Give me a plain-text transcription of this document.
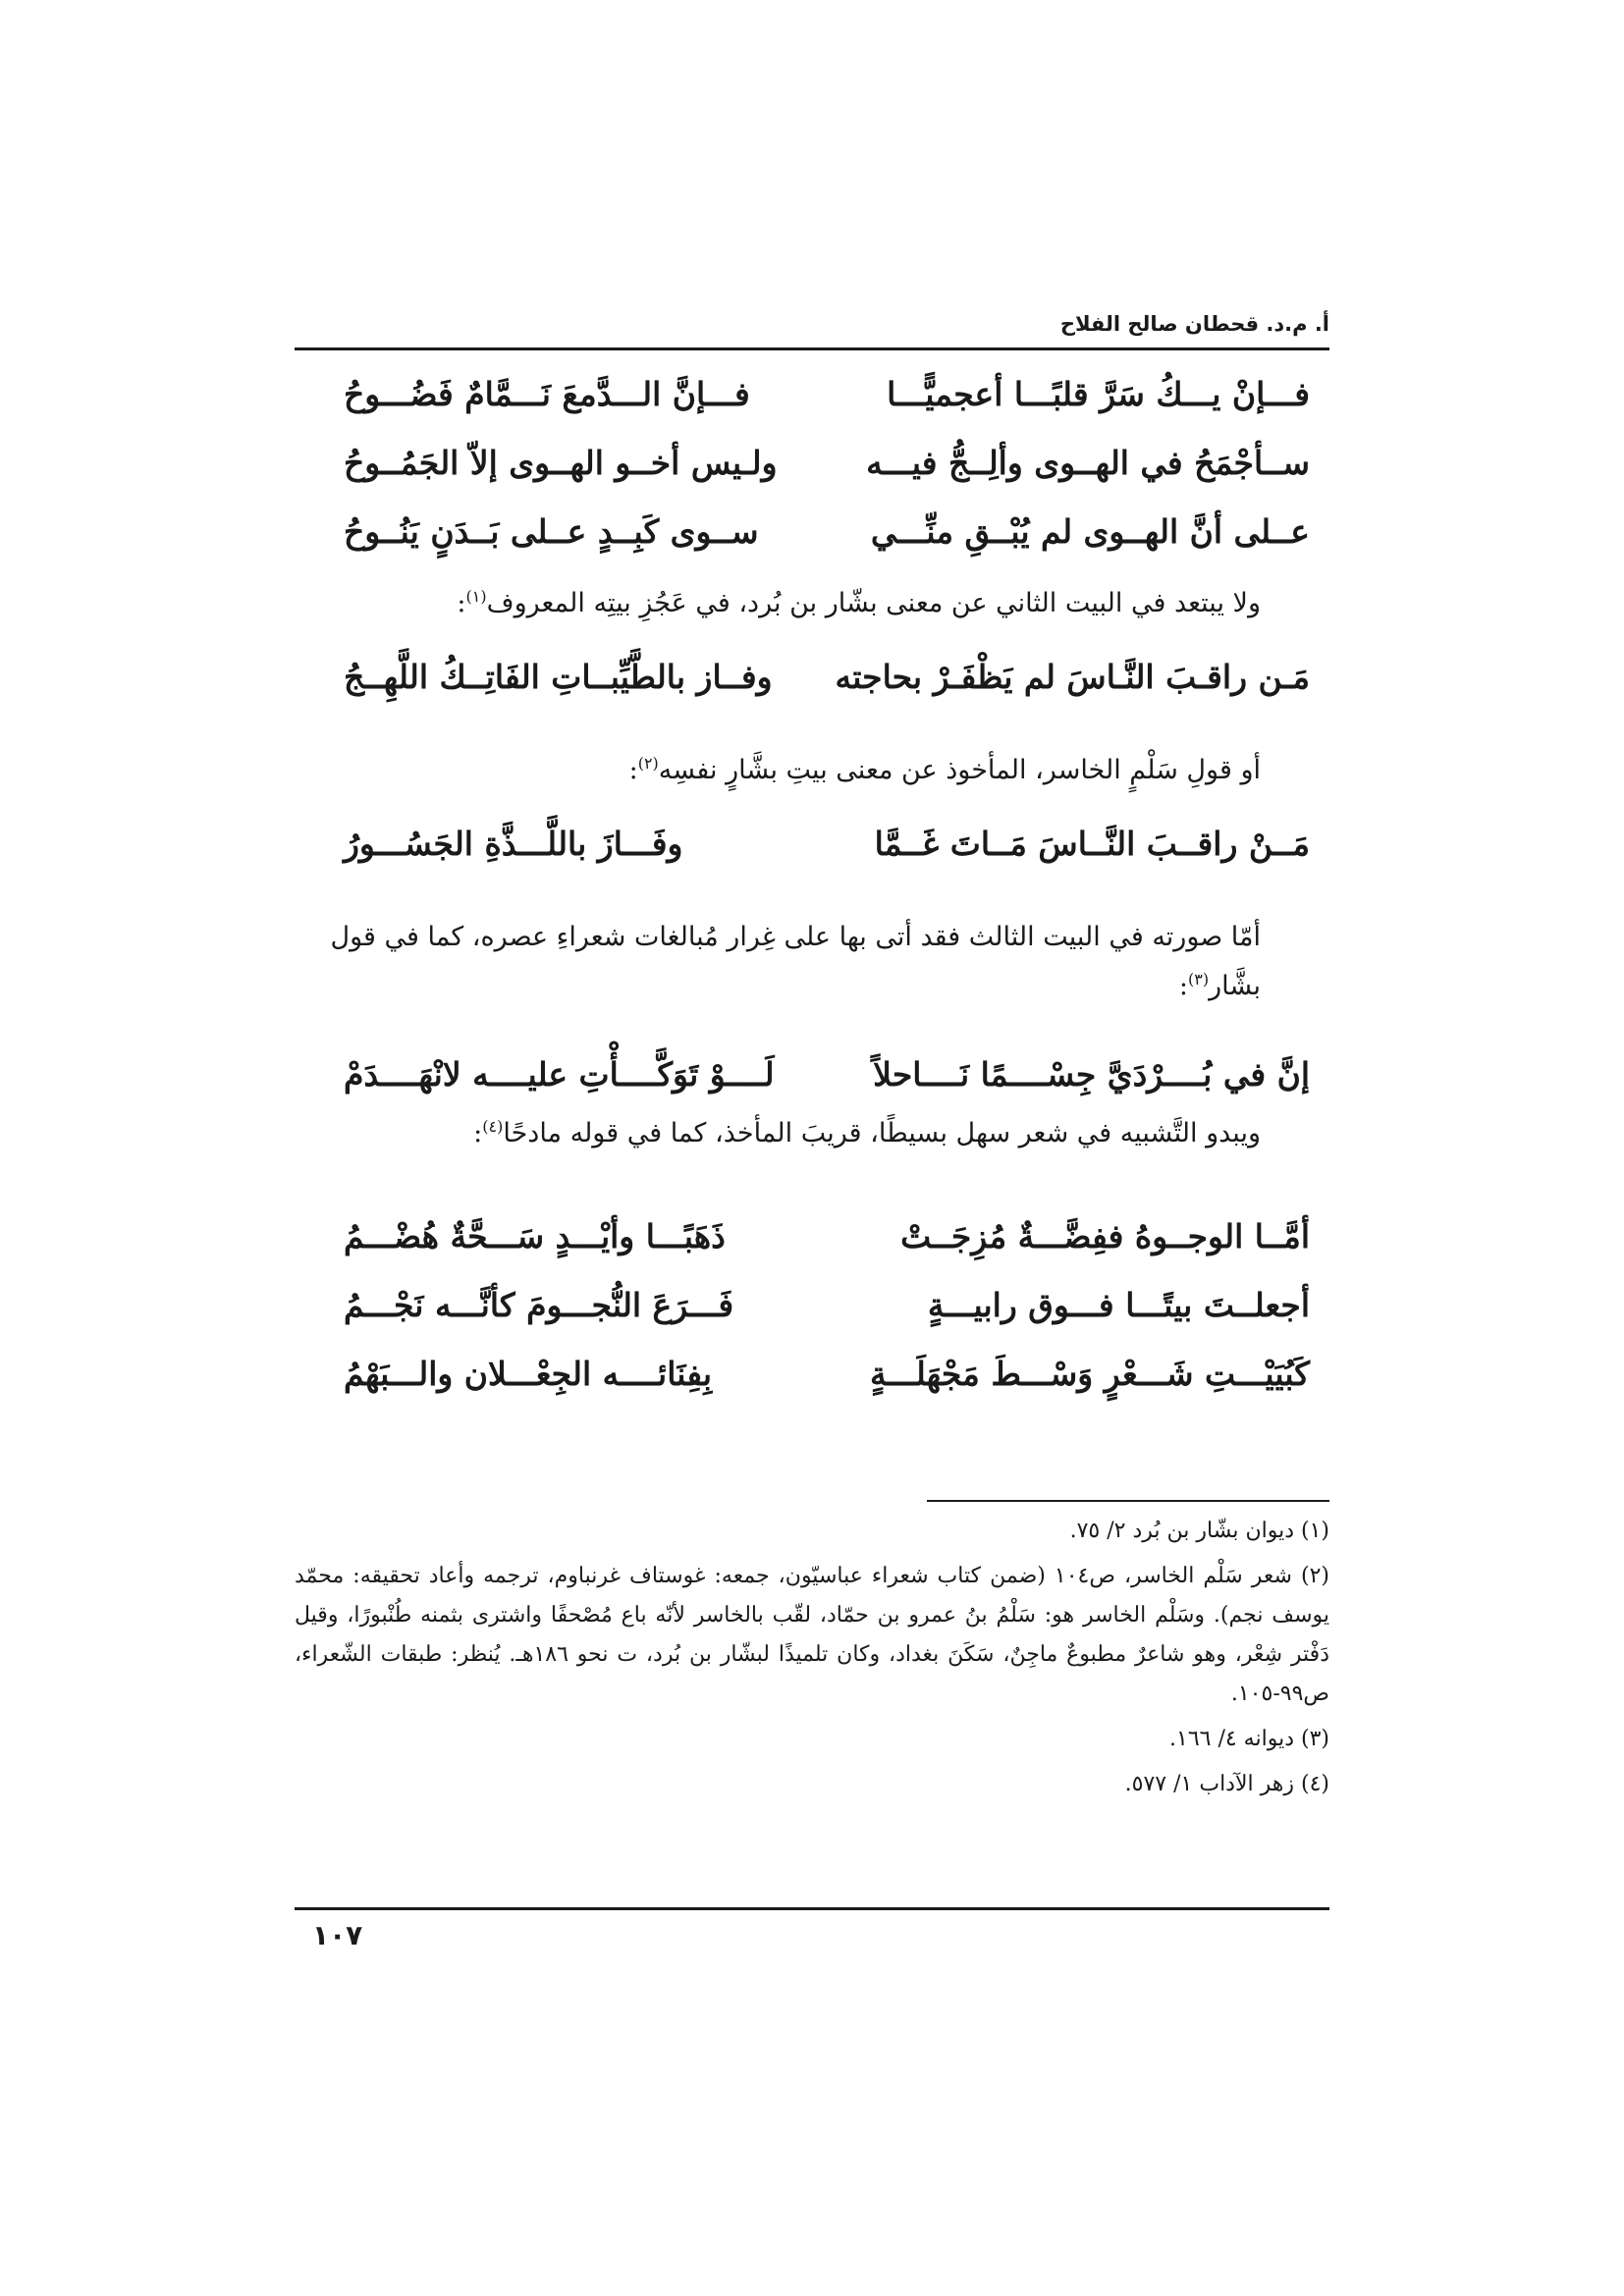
أ. م.د. قحطان صالح الفلاح
فـــإنْ يـــكُ سَرَّ قلبًـــا أعجميًّـــا
فـــإنَّ الـــدَّمعَ نَـــمَّامٌ فَضُـــوحُ
ســأجْمَحُ في الهــوى وألِــجُّ فيـــه
ولـيس أخــو الهــوى إلاّ الجَمُــوحُ
عــلى أنَّ الهــوى لم يُبْــقِ منِّـــي
ســوى كَبِــدٍ عــلى بَــدَنٍ يَنُــوحُ
ولا يبتعد في البيت الثاني عن معنى بشّار بن بُرد، في عَجُزِ بيتِه المعروف$^{(١)}$:
مَـن راقـبَ النَّـاسَ لم يَظْفَـرْ بحاجته
وفــاز بالطَّيِّبــاتِ الفَاتِــكُ اللَّهِــجُ
أو قولِ سَلْمٍ الخاسر، المأخوذ عن معنى بيتِ بشَّارٍ نفسِه$^{(٢)}$:
مَــنْ راقــبَ النَّــاسَ مَــاتَ غَــمَّا
وفَـــازَ باللَّـــذَّةِ الجَسُـــورُ
أمّا صورته في البيت الثالث فقد أتى بها على غِرار مُبالغات شعراءِ عصره، كما في قول بشَّار$^{(٣)}$:
إنَّ في بُــــرْدَيَّ جِسْــــمًا نَــــاحلاً
لَــــوْ تَوَكَّــــأْتِ عليــــه لانْهَــــدَمْ
ويبدو التَّشبيه في شعر سهل بسيطًا، قريبَ المأخذ، كما في قوله مادحًا$^{(٤)}$:
أمَّــا الوجــوهُ ففِضَّـــةٌ مُزِجَــتْ
ذَهَبًـــا وأيْـــدٍ سَـــحَّةٌ هُضْـــمُ
أجعلــتَ بيتًـــا فـــوق رابيـــةٍ
فَـــرَعَ النُّجـــومَ كأنَّـــه نَجْـــمُ
كَبُيَيْـــتِ شَـــعْرٍ وَسْـــطَ مَجْهَلَـــةٍ
بِفِنَائــــه الجِعْـــلان والـــبَهْمُ

(١) ديوان بشّار بن بُرد ٢/ ٧٥.

(٢) شعر سَلْم الخاسر، ص١٠٤ (ضمن كتاب شعراء عباسيّون، جمعه: غوستاف غرنباوم، ترجمه وأعاد تحقيقه: محمّد يوسف نجم). وسَلْم الخاسر هو: سَلْمُ بنُ عمرو بن حمّاد، لقّب بالخاسر لأنّه باع مُصْحفًا واشترى بثمنه طُنْبورًا، وقيل دَفْتر شِعْر، وهو شاعرٌ مطبوعٌ ماجِنٌ، سَكَنَ بغداد، وكان تلميذًا لبشّار بن بُرد، ت نحو ١٨٦هـ. يُنظر: طبقات الشّعراء، ص٩٩-١٠٥.

(٣) ديوانه ٤/ ١٦٦.

(٤) زهر الآداب ١/ ٥٧٧.

١٠٧
